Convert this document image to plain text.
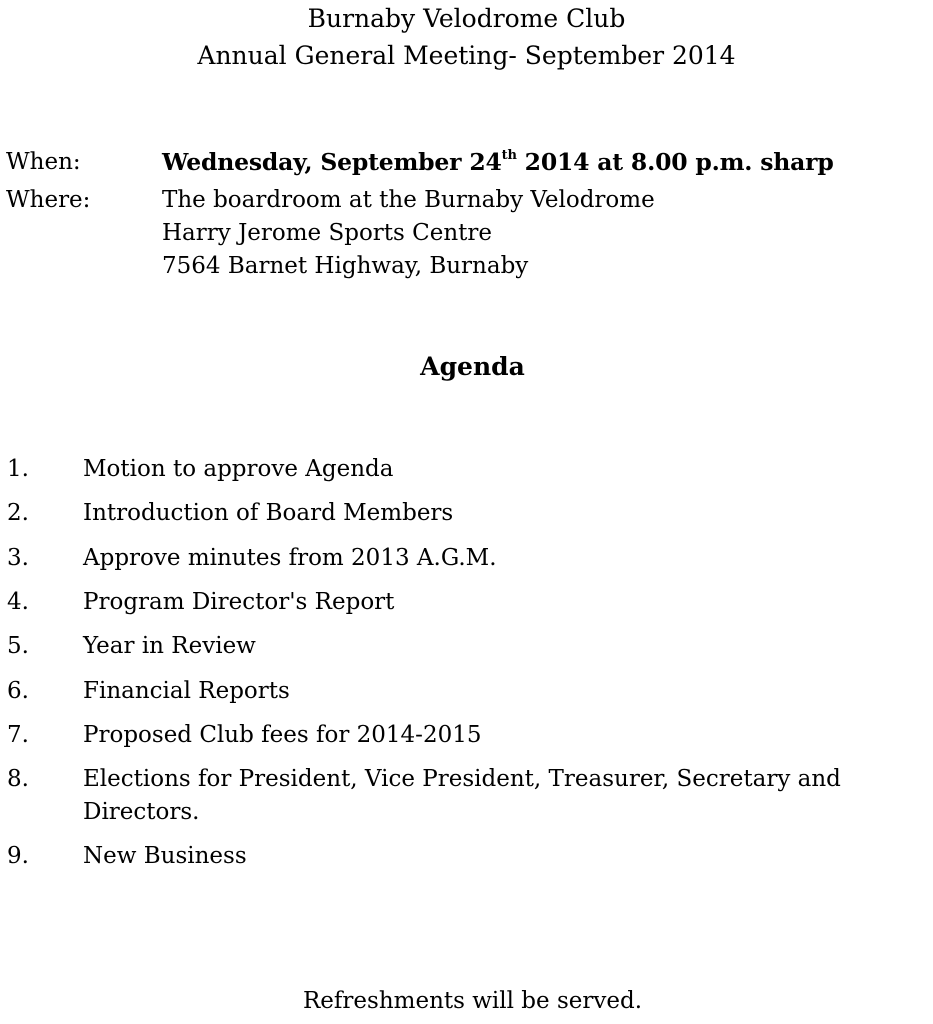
Burnaby Velodrome Club
Annual General Meeting- September 2014
When:	Wednesday, September 24th 2014 at 8.00 p.m. sharp
Where:	The boardroom at the Burnaby Velodrome
Harry Jerome Sports Centre
7564 Barnet Highway, Burnaby
Agenda
1. Motion to approve Agenda
2. Introduction of Board Members
3. Approve minutes from 2013 A.G.M.
4. Program Director's Report
5. Year in Review
6. Financial Reports
7. Proposed Club fees for 2014-2015
8. Elections for President, Vice President, Treasurer, Secretary and Directors.
9. New Business
Refreshments will be served.
